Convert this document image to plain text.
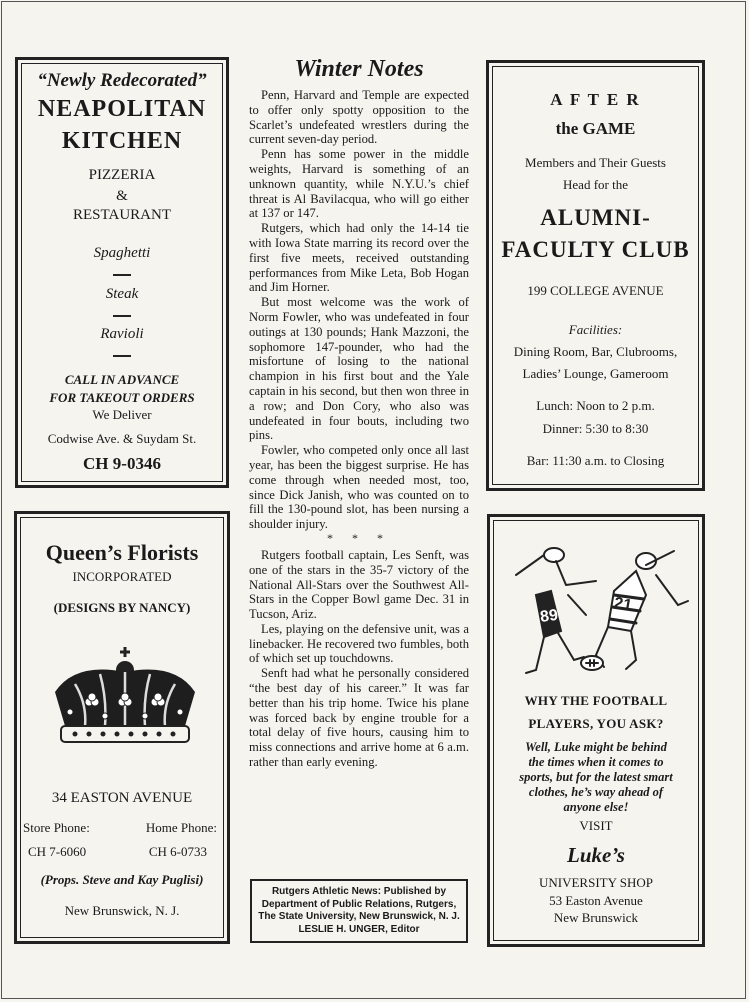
“Newly Redecorated”
NEAPOLITAN
KITCHEN
PIZZERIA
&
RESTAURANT
Spaghetti
Steak
Ravioli
CALL IN ADVANCE
FOR TAKEOUT ORDERS
We Deliver
Codwise Ave. & Suydam St.
CH 9-0346
Queen’s Florists
INCORPORATED
(DESIGNS BY NANCY)
34 EASTON AVENUE
Store Phone:	Home Phone:
CH 7-6060	CH 6-0733
(Props. Steve and Kay Puglisi)
New Brunswick, N. J.
Winter Notes

Penn, Harvard and Temple are expected to offer only spotty opposition to the Scarlet’s undefeated wrestlers during the current seven-day period.

Penn has some power in the middle weights, Harvard is something of an unknown quantity, while N.Y.U.’s chief threat is Al Bavilacqua, who will go either at 137 or 147.

Rutgers, which had only the 14-14 tie with Iowa State marring its record over the first five meets, received outstanding performances from Mike Leta, Bob Hogan and Jim Horner.

But most welcome was the work of Norm Fowler, who was undefeated in four outings at 130 pounds; Hank Mazzoni, the sophomore 147-pounder, who had the misfortune of losing to the national champion in his first bout and the Yale captain in his second, but then won three in a row; and Don Cory, who also was undefeated in four bouts, including two pins.

Fowler, who competed only once all last year, has been the biggest surprise. He has come through when needed most, too, since Dick Janish, who was counted on to fill the 130-pound slot, has been nursing a shoulder injury.

* * *

Rutgers football captain, Les Senft, was one of the stars in the 35-7 victory of the National All-Stars over the Southwest All-Stars in the Copper Bowl game Dec. 31 in Tucson, Ariz.

Les, playing on the defensive unit, was a linebacker. He recovered two fumbles, both of which set up touchdowns.

Senft had what he personally considered “the best day of his career.” It was far better than his trip home. Twice his plane was forced back by engine trouble for a total delay of five hours, causing him to miss connections and arrive home at 6 a.m. rather than early evening.

Rutgers Athletic News: Published by Department of Public Relations, Rutgers, The State University, New Brunswick, N. J.
LESLIE H. UNGER, Editor
A F T E R
the GAME
Members and Their Guests
Head for the
ALUMNI-
FACULTY CLUB
199 COLLEGE AVENUE
Facilities:
Dining Room, Bar, Clubrooms,
Ladies’ Lounge, Gameroom
Lunch: Noon to 2 p.m.
Dinner: 5:30 to 8:30
Bar: 11:30 a.m. to Closing
89
21
WHY THE FOOTBALL
PLAYERS, YOU ASK?
Well, Luke might be behind
the times when it comes to
sports, but for the latest smart
clothes, he’s way ahead of
anyone else!
VISIT
Luke’s
UNIVERSITY SHOP
53 Easton Avenue
New Brunswick
